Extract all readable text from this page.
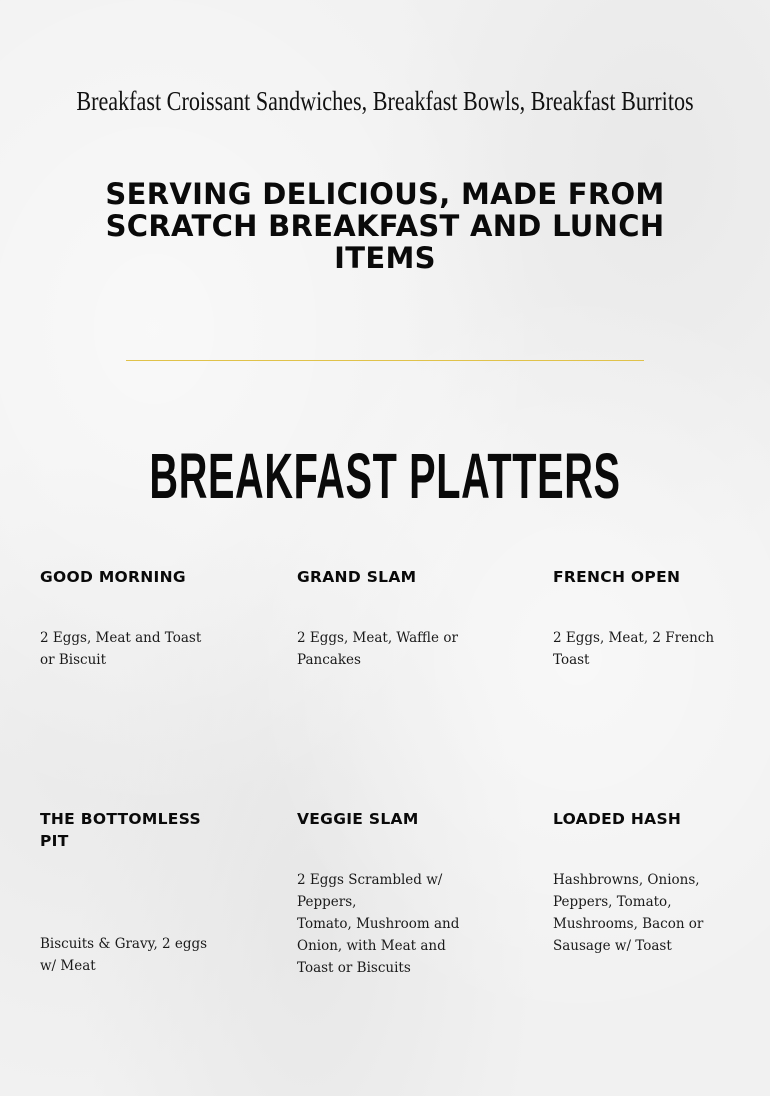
Breakfast Croissant Sandwiches, Breakfast Bowls, Breakfast Burritos

SERVING DELICIOUS, MADE FROM SCRATCH BREAKFAST AND LUNCH ITEMS
BREAKFAST PLATTERS
GOOD MORNING

2 Eggs, Meat and Toast or Biscuit

GRAND SLAM

2 Eggs, Meat, Waffle or Pancakes

FRENCH OPEN

2 Eggs, Meat, 2 French Toast

THE BOTTOMLESS PIT

Biscuits & Gravy, 2 eggs w/ Meat

VEGGIE SLAM

2 Eggs Scrambled w/ Peppers,
Tomato, Mushroom and Onion, with Meat and Toast or Biscuits

LOADED HASH

Hashbrowns, Onions, Peppers, Tomato, Mushrooms, Bacon or Sausage w/ Toast
